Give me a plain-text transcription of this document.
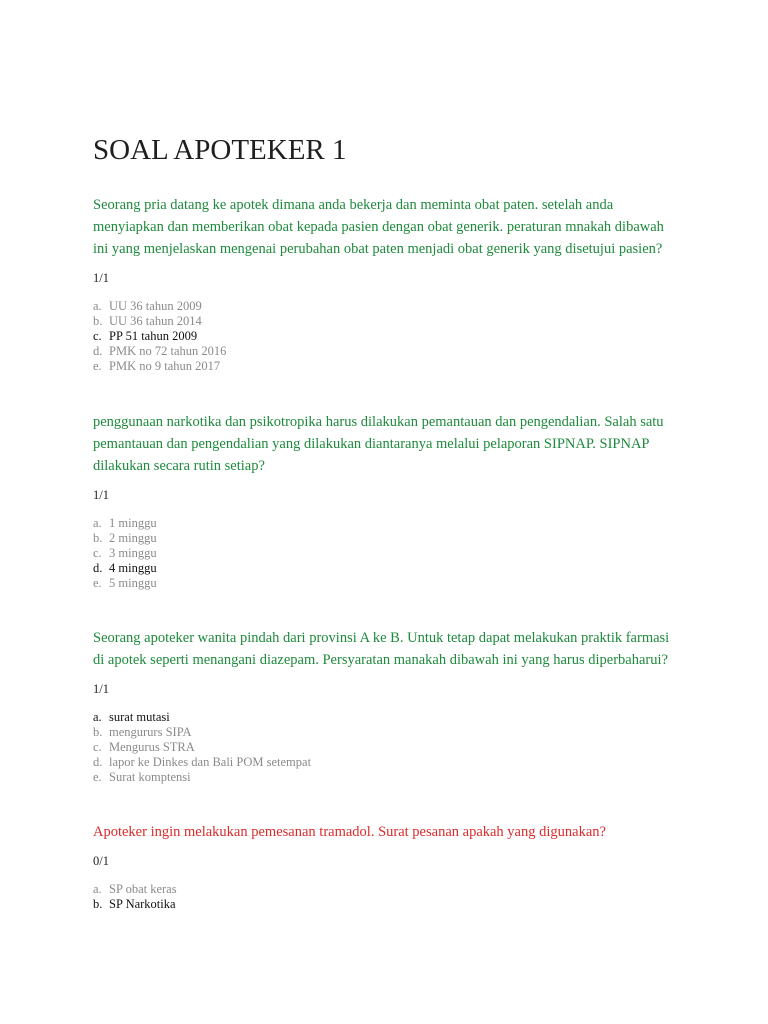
SOAL APOTEKER 1

Seorang pria datang ke apotek dimana anda bekerja dan meminta obat paten. setelah anda menyiapkan dan memberikan obat kepada pasien dengan obat generik. peraturan mnakah dibawah ini yang menjelaskan mengenai perubahan obat paten menjadi obat generik yang disetujui pasien?

1/1

a. UU 36 tahun 2009
b. UU 36 tahun 2014
c. PP 51 tahun 2009
d. PMK no 72 tahun 2016
e. PMK no 9 tahun 2017

penggunaan narkotika dan psikotropika harus dilakukan pemantauan dan pengendalian. Salah satu pemantauan dan pengendalian yang dilakukan diantaranya melalui pelaporan SIPNAP. SIPNAP dilakukan secara rutin setiap?

1/1

a. 1 minggu
b. 2 minggu
c. 3 minggu
d. 4 minggu
e. 5 minggu

Seorang apoteker wanita pindah dari provinsi A ke B. Untuk tetap dapat melakukan praktik farmasi di apotek seperti menangani diazepam. Persyaratan manakah dibawah ini yang harus diperbaharui?

1/1

a. surat mutasi
b. mengururs SIPA
c. Mengurus STRA
d. lapor ke Dinkes dan Bali POM setempat
e. Surat komptensi

Apoteker ingin melakukan pemesanan tramadol. Surat pesanan apakah yang digunakan?

0/1

a. SP obat keras
b. SP Narkotika
